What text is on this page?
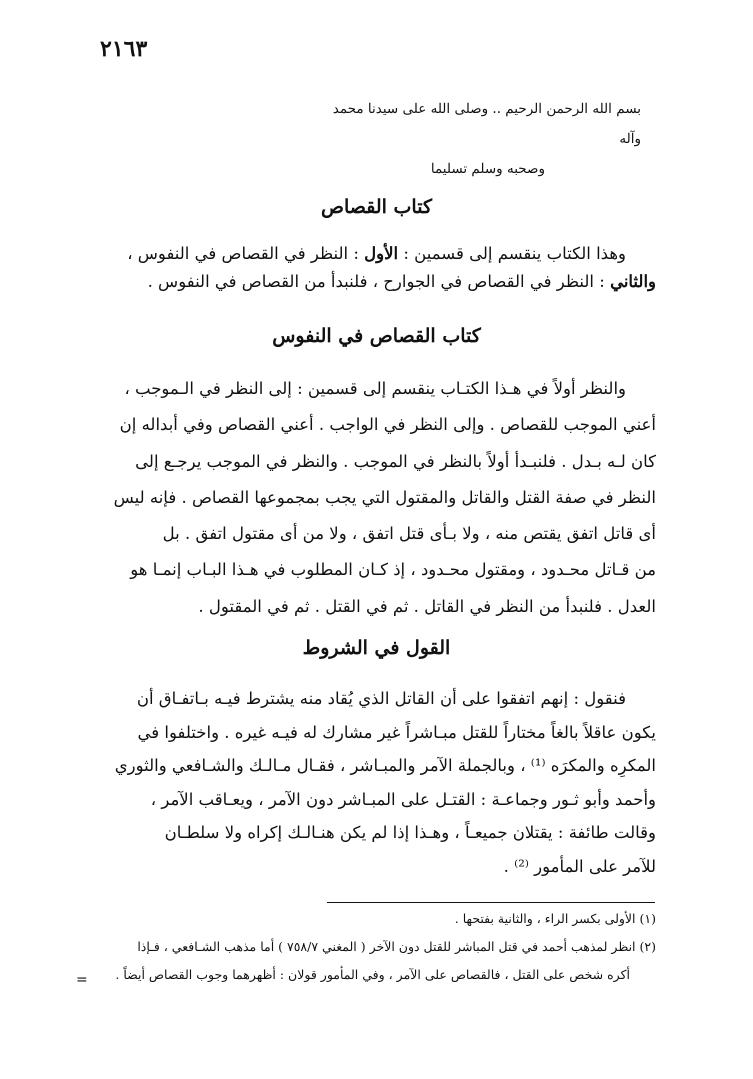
٢١٦٣
بسم الله الرحمن الرحيم .. وصلى الله على سيدنا محمد وآله
وصحبه وسلم تسليما
كتاب القصاص
وهذا الكتاب ينقسم إلى قسمين : الأول : النظر في القصاص في النفوس ،
والثاني : النظر في القصاص في الجوارح ، فلنبدأ من القصاص في النفوس .
كتاب القصاص في النفوس
والنظر أولاً في هـذا الكتـاب ينقسم إلى قسمين : إلى النظر في الـموجب ،
أعني الموجب للقصاص . وإلى النظر في الواجب . أعني القصاص وفي أبداله إن
كان لـه بـدل . فلنبـدأ أولاً بالنظر في الموجب . والنظر في الموجب يرجـع إلى
النظر في صفة القتل والقاتل والمقتول التي يجب بمجموعها القصاص . فإنه ليس
أى قاتل اتفق يقتص منه ، ولا بـأى قتل اتفق ، ولا من أى مقتول اتفق . بل
من قـاتل محـدود ، ومقتول محـدود ، إذ كـان المطلوب في هـذا البـاب إنمـا هو
العدل . فلنبدأ من النظر في القاتل . ثم في القتل . ثم في المقتول .
القول في الشروط
فنقول : إنهم اتفقوا على أن القاتل الذي يُقاد منه يشترط فيـه بـاتفـاق أن
يكون عاقلاً بالغاً مختاراً للقتل مبـاشراً غير مشارك له فيـه غيره . واختلفوا في
المكرِه والمكرَه ⁽¹⁾ ، وبالجملة الآمر والمبـاشر ، فقـال مـالـك والشـافعي والثوري
وأحمد وأبو ثـور وجماعـة : القتـل على المبـاشر دون الآمر ، ويعـاقب الآمر ،
وقالت طائفة : يقتلان جميعـاً ، وهـذا إذا لم يكن هنـالـك إكراه ولا سلطـان
للآمر على المأمور ⁽²⁾ .
(١) الأولى بكسر الراء ، والثانية بفتحها .
(٢) انظر لمذهب أحمد في قتل المباشر للقتل دون الآخر ( المغني ٧٥٨/٧ ) أما مذهب الشـافعي ، فـإذا
أكره شخص على القتل ، فالقصاص على الآمر ، وفي المأمور قولان : أظهرهما وجوب القصاص أيضاً .
=
